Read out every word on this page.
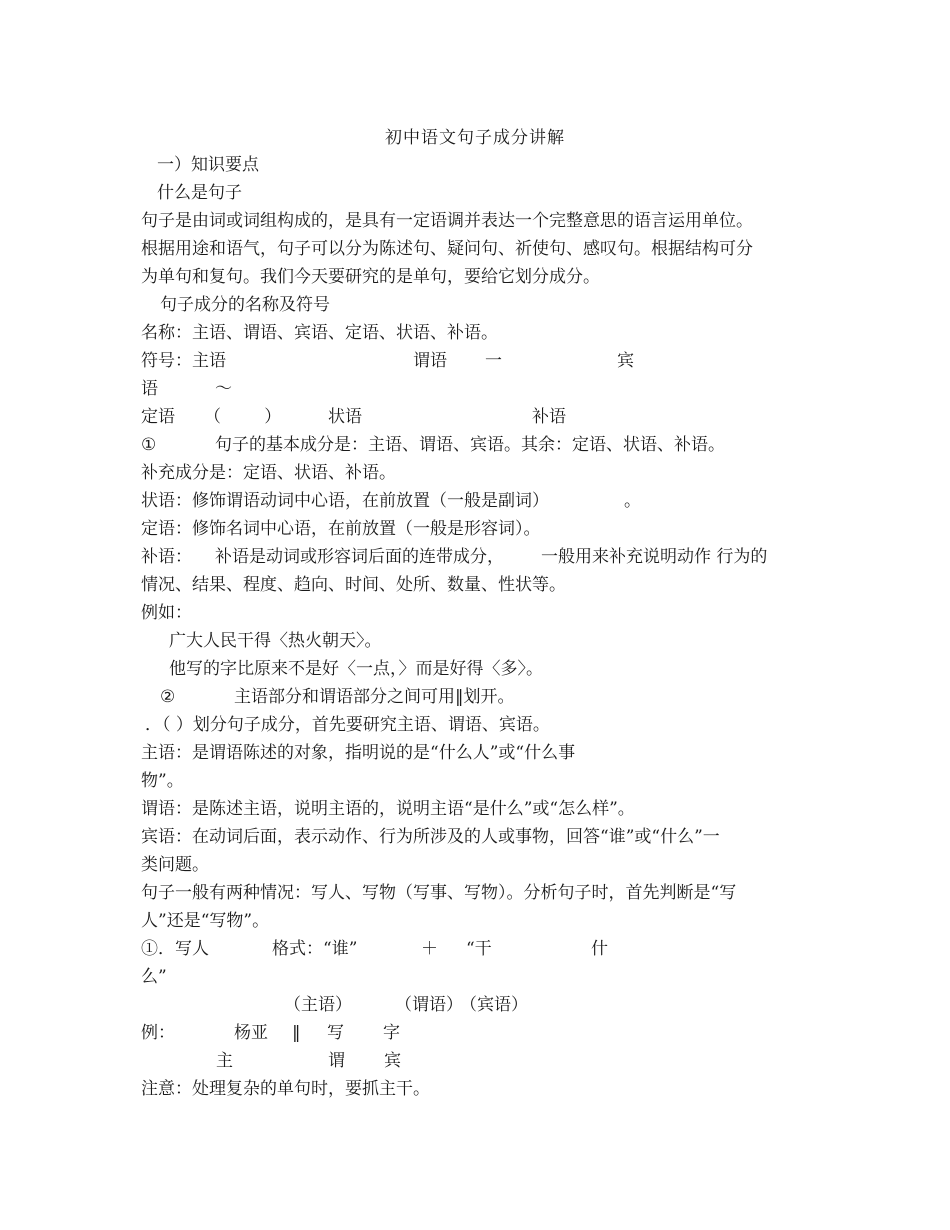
初中语文句子成分讲解
一）知识要点
什么是句子
句子是由词或词组构成的，是具有一定语调并表达一个完整意思的语言运用单位。
根据用途和语气，句子可以分为陈述句、疑问句、祈使句、感叹句。根据结构可分
为单句和复句。我们今天要研究的是单句，要给它划分成分。
句子成分的名称及符号
名称：主语、谓语、宾语、定语、状语、补语。
符号：主语	谓语 一	宾
语	～
定语 （        ）	状语	补语
①	句子的基本成分是：主语、谓语、宾语。其余：定语、状语、补语。
补充成分是：定语、状语、补语。
状语：修饰谓语动词中心语，在前放置（一般是副词）	。
定语：修饰名词中心语，在前放置（一般是形容词）。
补语： 补语是动词或形容词后面的连带成分， 一般用来补充说明动作 行为的
情况、结果、程度、趋向、时间、处所、数量、性状等。
例如：
广大人民干得〈热火朝天〉。
他写的字比原来不是好〈一点，〉而是好得〈多〉。
②	主语部分和谓语部分之间可用‖划开。
．（ ）划分句子成分，首先要研究主语、谓语、宾语。
主语：是谓语陈述的对象，指明说的是“什么人”或“什么事
物”。
谓语：是陈述主语，说明主语的，说明主语“是什么”或“怎么样”。
宾语：在动词后面，表示动作、行为所涉及的人或事物，回答“谁”或“什么”一
类问题。
句子一般有两种情况：写人、写物（写事、写物）。分析句子时，首先判断是“写
人”还是“写物”。
①．写人	格式：“谁”	＋ “干	什
么”
（主语）	（谓语）
（宾语）
例：	杨亚 ‖ 写 字
主	谓 宾
注意：处理复杂的单句时，要抓主干。
